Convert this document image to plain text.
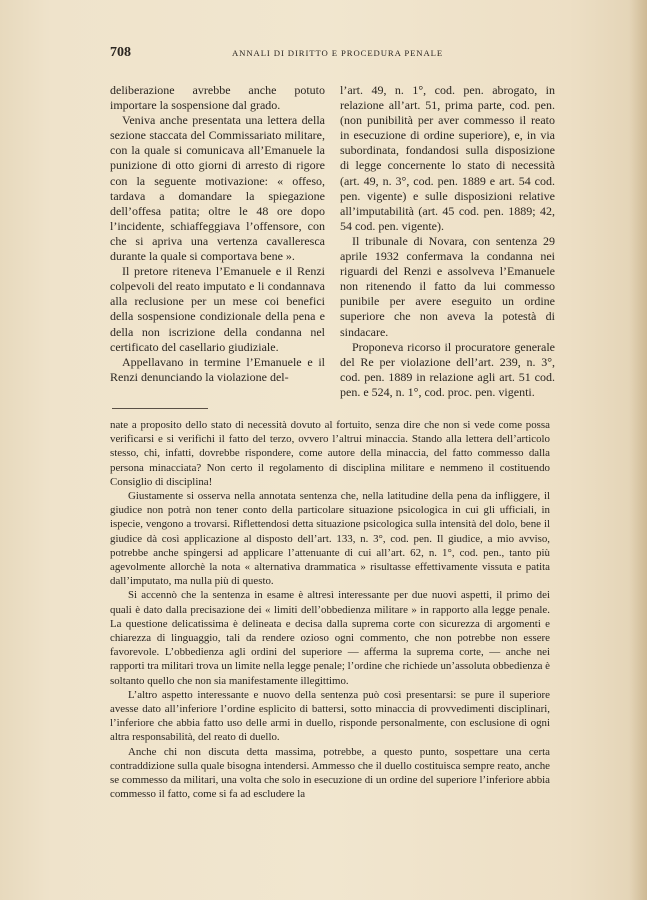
708	ANNALI DI DIRITTO E PROCEDURA PENALE

deliberazione avrebbe anche potuto importare la sospensione dal grado.

Veniva anche presentata una lettera della sezione staccata del Commissariato militare, con la quale si comunicava all’Emanuele la punizione di otto giorni di arresto di rigore con la seguente motivazione: « offeso, tardava a domandare la spiegazione dell’offesa patita; oltre le 48 ore dopo l’incidente, schiaffeggiava l’offensore, con che si apriva una vertenza cavalleresca durante la quale si comportava bene ».

Il pretore riteneva l’Emanuele e il Renzi colpevoli del reato imputato e li condannava alla reclusione per un mese coi benefici della sospensione condizionale della pena e della non iscrizione della condanna nel certificato del casellario giudiziale.

Appellavano in termine l’Emanuele e il Renzi denunciando la violazione del-

l’art. 49, n. 1°, cod. pen. abrogato, in relazione all’art. 51, prima parte, cod. pen. (non punibilità per aver commesso il reato in esecuzione di ordine superiore), e, in via subordinata, fondandosi sulla disposizione di legge concernente lo stato di necessità (art. 49, n. 3°, cod. pen. 1889 e art. 54 cod. pen. vigente) e sulle disposizioni relative all’imputabilità (art. 45 cod. pen. 1889; 42, 54 cod. pen. vigente).

Il tribunale di Novara, con sentenza 29 aprile 1932 confermava la condanna nei riguardi del Renzi e assolveva l’Emanuele non ritenendo il fatto da lui commesso punibile per avere eseguito un ordine superiore che non aveva la potestà di sindacare.

Proponeva ricorso il procuratore generale del Re per violazione dell’art. 239, n. 3°, cod. pen. 1889 in relazione agli art. 51 cod. pen. e 524, n. 1°, cod. proc. pen. vigenti.

nate a proposito dello stato di necessità dovuto al fortuito, senza dire che non si vede come possa verificarsi e si verifichi il fatto del terzo, ovvero l’altrui minaccia. Stando alla lettera dell’articolo stesso, chi, infatti, dovrebbe rispondere, come autore della minaccia, del fatto commesso dalla persona minacciata? Non certo il regolamento di disciplina militare e nemmeno il costituendo Consiglio di disciplina!

Giustamente si osserva nella annotata sentenza che, nella latitudine della pena da infliggere, il giudice non potrà non tener conto della particolare situazione psicologica in cui gli ufficiali, in ispecie, vengono a trovarsi. Riflettendosi detta situazione psicologica sulla intensità del dolo, bene il giudice dà così applicazione al disposto dell’art. 133, n. 3°, cod. pen. Il giudice, a mio avviso, potrebbe anche spingersi ad applicare l’attenuante di cui all’art. 62, n. 1°, cod. pen., tanto più agevolmente allorchè la nota « alternativa drammatica » risultasse effettivamente vissuta e patita dall’imputato, ma nulla più di questo.

Si accennò che la sentenza in esame è altresì interessante per due nuovi aspetti, il primo dei quali è dato dalla precisazione dei « limiti dell’obbedienza militare » in rapporto alla legge penale. La questione delicatissima è delineata e decisa dalla suprema corte con sicurezza di argomenti e chiarezza di linguaggio, tali da rendere ozioso ogni commento, che non potrebbe non essere favorevole. L’obbedienza agli ordini del superiore — afferma la suprema corte, — anche nei rapporti tra militari trova un limite nella legge penale; l’ordine che richiede un’assoluta obbedienza è soltanto quello che non sia manifestamente illegittimo.

L’altro aspetto interessante e nuovo della sentenza può così presentarsi: se pure il superiore avesse dato all’inferiore l’ordine esplicito di battersi, sotto minaccia di provvedimenti disciplinari, l’inferiore che abbia fatto uso delle armi in duello, risponde personalmente, con esclusione di ogni altra responsabilità, del reato di duello.

Anche chi non discuta detta massima, potrebbe, a questo punto, sospettare una certa contraddizione sulla quale bisogna intendersi. Ammesso che il duello costituisca sempre reato, anche se commesso da militari, una volta che solo in esecuzione di un ordine del superiore l’inferiore abbia commesso il fatto, come si fa ad escludere la
